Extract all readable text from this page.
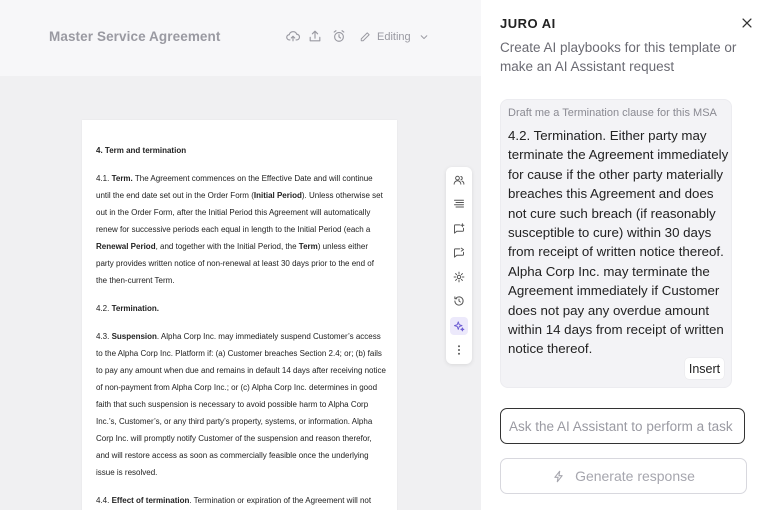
Master Service Agreement	Editing

4. Term and termination

4.1. Term. The Agreement commences on the Effective Date and will continue until the end date set out in the Order Form (Initial Period). Unless otherwise set out in the Order Form, after the Initial Period this Agreement will automatically renew for successive periods each equal in length to the Initial Period (each a Renewal Period, and together with the Initial Period, the Term) unless either party provides written notice of non-renewal at least 30 days prior to the end of the then-current Term.

4.2. Termination.

4.3. Suspension. Alpha Corp Inc. may immediately suspend Customer’s access to the Alpha Corp Inc. Platform if: (a) Customer breaches Section 2.4; or; (b) fails to pay any amount when due and remains in default 14 days after receiving notice of non-payment from Alpha Corp Inc.; or (c) Alpha Corp Inc. determines in good faith that such suspension is necessary to avoid possible harm to Alpha Corp Inc.’s, Customer’s, or any third party’s property, systems, or information. Alpha Corp Inc. will promptly notify Customer of the suspension and reason therefor, and will restore access as soon as commercially feasible once the underlying issue is resolved.

4.4. Effect of termination. Termination or expiration of the Agreement will not

JURO AI
Create AI playbooks for this template or make an AI Assistant request
Draft me a Termination clause for this MSA
4.2. Termination. Either party may terminate the Agreement immediately for cause if the other party materially breaches this Agreement and does not cure such breach (if reasonably susceptible to cure) within 30 days from receipt of written notice thereof. Alpha Corp Inc. may terminate the Agreement immediately if Customer does not pay any overdue amount within 14 days from receipt of written notice thereof.
Insert
Ask the AI Assistant to perform a task
Generate response
